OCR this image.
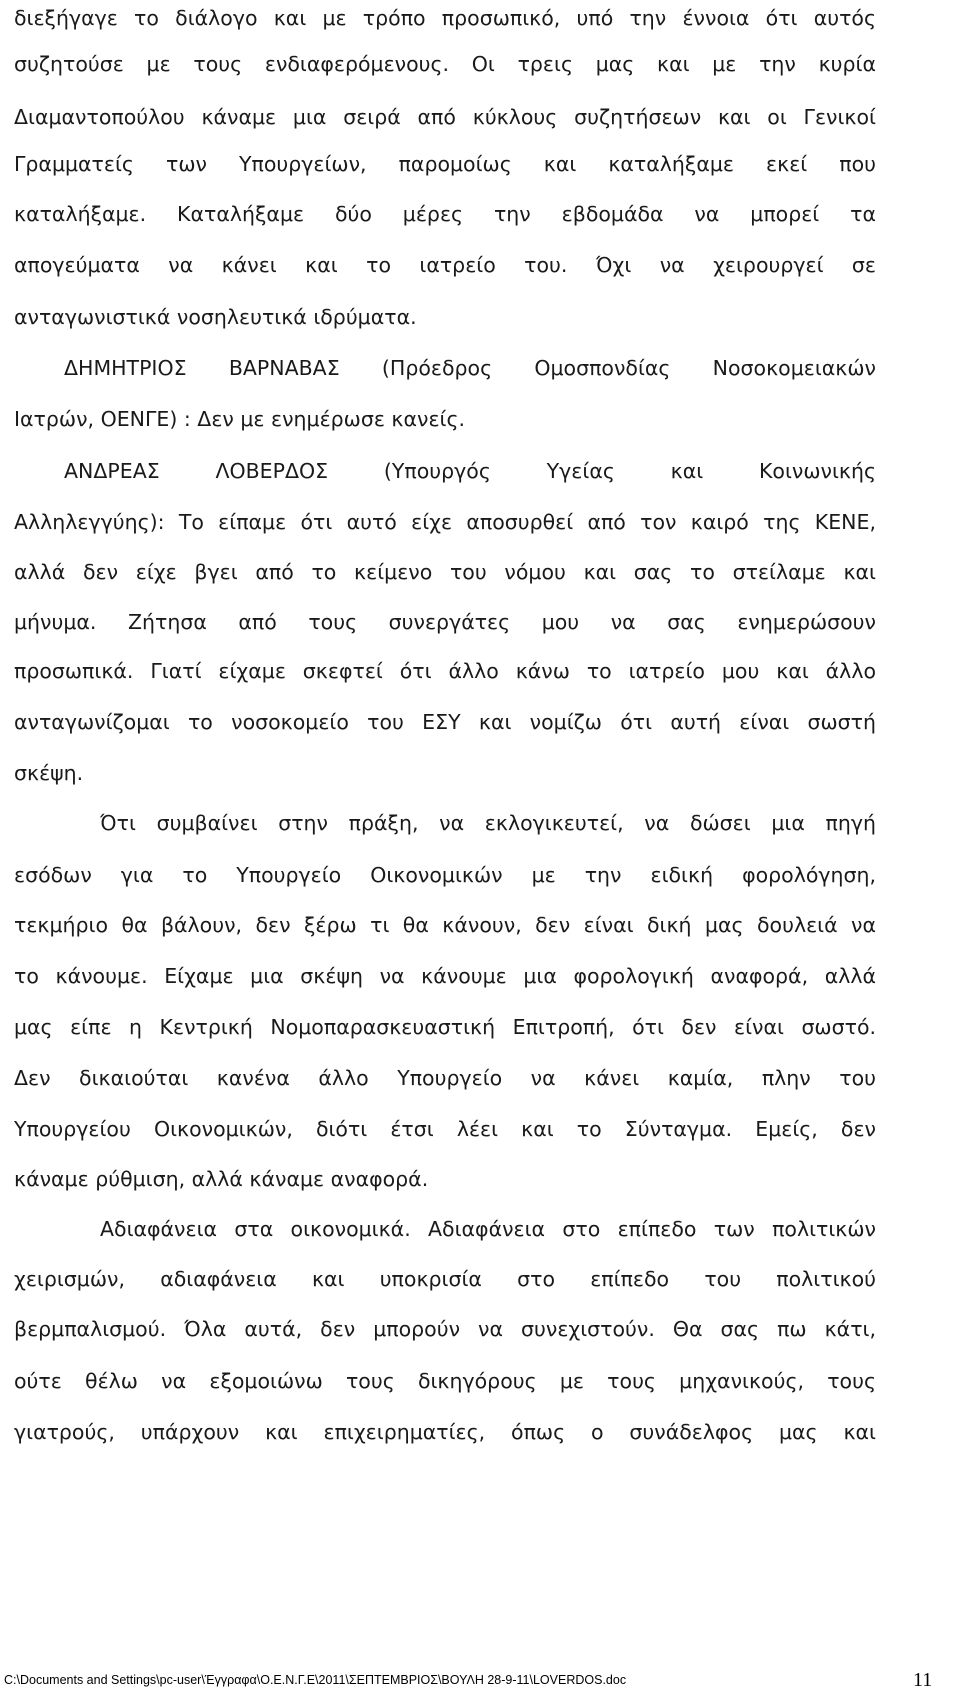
διεξήγαγε το διάλογο και με τρόπο προσωπικό, υπό την έννοια ότι αυτός
συζητούσε με τους ενδιαφερόμενους. Οι τρεις μας και με την κυρία
Διαμαντοπούλου κάναμε μια σειρά από κύκλους συζητήσεων και οι Γενικοί
Γραμματείς των Υπουργείων, παρομοίως και καταλήξαμε εκεί που
καταλήξαμε. Καταλήξαμε δύο μέρες την εβδομάδα να μπορεί τα
απογεύματα να κάνει και το ιατρείο του. Όχι να χειρουργεί σε
ανταγωνιστικά νοσηλευτικά ιδρύματα.
ΔΗΜΗΤΡΙΟΣ ΒΑΡΝΑΒΑΣ (Πρόεδρος Ομοσπονδίας Νοσοκομειακών
Ιατρών, ΟΕΝΓΕ) : Δεν με ενημέρωσε κανείς.
ΑΝΔΡΕΑΣ ΛΟΒΕΡΔΟΣ (Υπουργός Υγείας και Κοινωνικής
Αλληλεγγύης): Το είπαμε ότι αυτό είχε αποσυρθεί από τον καιρό της ΚΕΝΕ,
αλλά δεν είχε βγει από το κείμενο του νόμου και σας το στείλαμε και
μήνυμα. Ζήτησα από τους συνεργάτες μου να σας ενημερώσουν
προσωπικά. Γιατί είχαμε σκεφτεί ότι άλλο κάνω το ιατρείο μου και άλλο
ανταγωνίζομαι το νοσοκομείο του ΕΣΥ και νομίζω ότι αυτή είναι σωστή
σκέψη.
Ότι συμβαίνει στην πράξη, να εκλογικευτεί, να δώσει μια πηγή
εσόδων για το Υπουργείο Οικονομικών με την ειδική φορολόγηση,
τεκμήριο θα βάλουν, δεν ξέρω τι θα κάνουν, δεν είναι δική μας δουλειά να
το κάνουμε. Είχαμε μια σκέψη να κάνουμε μια φορολογική αναφορά, αλλά
μας είπε η Κεντρική Νομοπαρασκευαστική Επιτροπή, ότι δεν είναι σωστό.
Δεν δικαιούται κανένα άλλο Υπουργείο να κάνει καμία, πλην του
Υπουργείου Οικονομικών, διότι έτσι λέει και το Σύνταγμα. Εμείς, δεν
κάναμε ρύθμιση, αλλά κάναμε αναφορά.
Αδιαφάνεια στα οικονομικά. Αδιαφάνεια στο επίπεδο των πολιτικών
χειρισμών, αδιαφάνεια και υποκρισία στο επίπεδο του πολιτικού
βερμπαλισμού. Όλα αυτά, δεν μπορούν να συνεχιστούν. Θα σας πω κάτι,
ούτε θέλω να εξομοιώνω τους δικηγόρους με τους μηχανικούς, τους
γιατρούς, υπάρχουν και επιχειρηματίες, όπως ο συνάδελφος μας και
C:\Documents and Settings\pc-user\Έγγραφα\Ο.Ε.Ν.Γ.Ε\2011\ΣΕΠΤΕΜΒΡΙΟΣ\ΒΟΥΛΗ 28-9-11\LOVERDOS.doc	11
